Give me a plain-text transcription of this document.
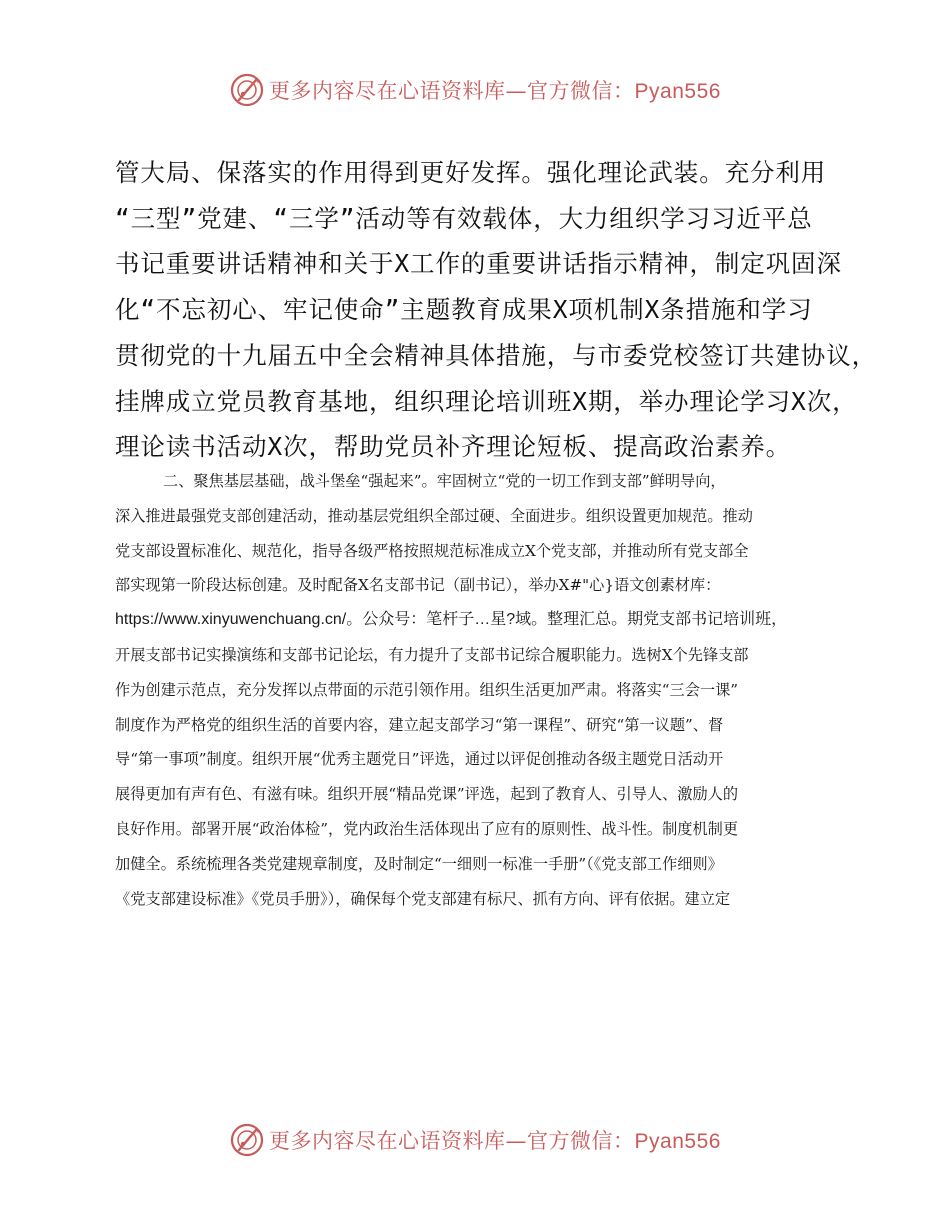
更多内容尽在心语资料库—官方微信：Pyan556
管大局、保落实的作用得到更好发挥。强化理论武装。充分利用
“三型”党建、“三学”活动等有效载体，大力组织学习习近平总
书记重要讲话精神和关于X工作的重要讲话指示精神，制定巩固深
化“不忘初心、牢记使命”主题教育成果X项机制X条措施和学习
贯彻党的十九届五中全会精神具体措施，与市委党校签订共建协议，
挂牌成立党员教育基地，组织理论培训班X期，举办理论学习X次，
理论读书活动X次，帮助党员补齐理论短板、提高政治素养。
二、聚焦基层基础，战斗堡垒“强起来”。牢固树立“党的一切工作到支部”鲜明导向，
深入推进最强党支部创建活动，推动基层党组织全部过硬、全面进步。组织设置更加规范。推动
党支部设置标准化、规范化，指导各级严格按照规范标准成立X个党支部，并推动所有党支部全
部实现第一阶段达标创建。及时配备X名支部书记（副书记），举办X#"心}语文创素材库：
https://www.xinyuwenchuang.cn/。公众号：笔杆子…星?域。整理汇总。期党支部书记培训班，
开展支部书记实操演练和支部书记论坛，有力提升了支部书记综合履职能力。选树X个先锋支部
作为创建示范点，充分发挥以点带面的示范引领作用。组织生活更加严肃。将落实“三会一课”
制度作为严格党的组织生活的首要内容，建立起支部学习“第一课程”、研究“第一议题”、督
导“第一事项”制度。组织开展“优秀主题党日”评选，通过以评促创推动各级主题党日活动开
展得更加有声有色、有滋有味。组织开展“精品党课”评选，起到了教育人、引导人、激励人的
良好作用。部署开展“政治体检”，党内政治生活体现出了应有的原则性、战斗性。制度机制更
加健全。系统梳理各类党建规章制度，及时制定“一细则一标准一手册”（《党支部工作细则》
《党支部建设标准》《党员手册》），确保每个党支部建有标尺、抓有方向、评有依据。建立定
更多内容尽在心语资料库—官方微信：Pyan556
